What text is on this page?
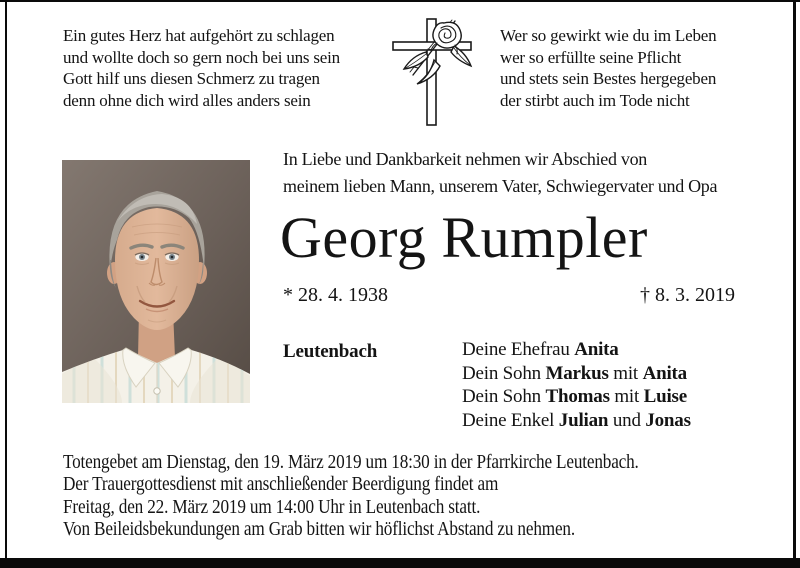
Ein gutes Herz hat aufgehört zu schlagen
und wollte doch so gern noch bei uns sein
Gott hilf uns diesen Schmerz zu tragen
denn ohne dich wird alles anders sein
Wer so gewirkt wie du im Leben
wer so erfüllte seine Pflicht
und stets sein Bestes hergegeben
der stirbt auch im Tode nicht
In Liebe und Dankbarkeit nehmen wir Abschied von
meinem lieben Mann, unserem Vater, Schwiegervater und Opa
Georg Rumpler
* 28. 4. 1938	† 8. 3. 2019
Leutenbach	Deine Ehefrau Anita
Dein Sohn Markus mit Anita
Dein Sohn Thomas mit Luise
Deine Enkel Julian und Jonas
Totengebet am Dienstag, den 19. März 2019 um 18:30 in der Pfarrkirche Leutenbach.
Der Trauergottesdienst mit anschließender Beerdigung findet am
Freitag, den 22. März 2019 um 14:00 Uhr in Leutenbach statt.
Von Beileidsbekundungen am Grab bitten wir höflichst Abstand zu nehmen.
